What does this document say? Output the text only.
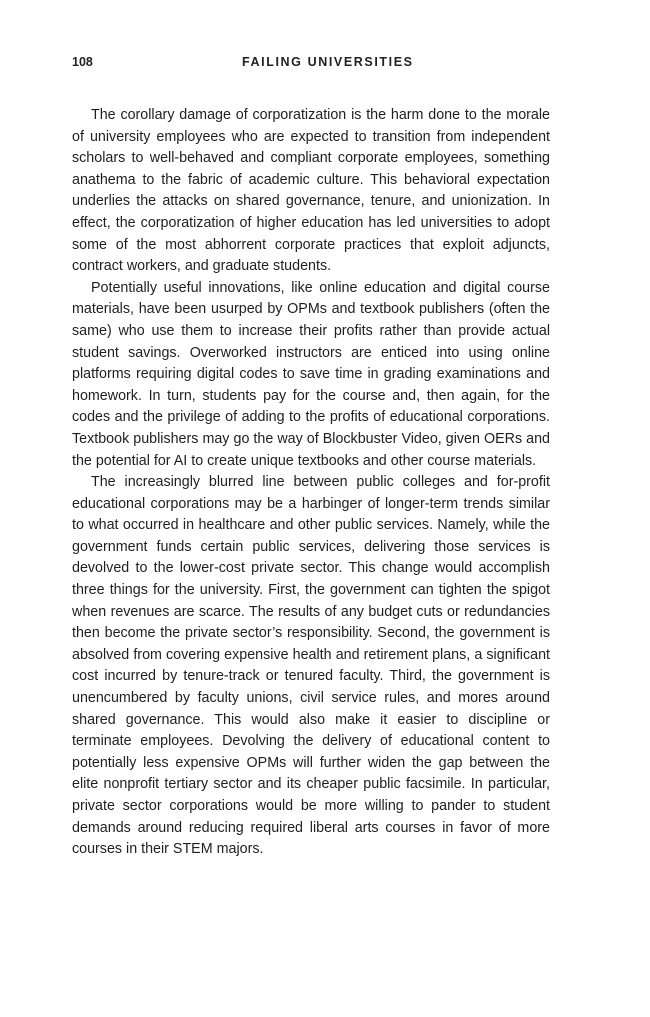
108	FAILING UNIVERSITIES

The corollary damage of corporatization is the harm done to the morale of university employees who are expected to transition from independent scholars to well-behaved and compliant corporate employees, something anathema to the fabric of academic culture. This behavioral expectation underlies the attacks on shared governance, tenure, and unionization. In effect, the corporatization of higher education has led universities to adopt some of the most abhorrent corporate practices that exploit adjuncts, contract workers, and graduate students.

Potentially useful innovations, like online education and digital course materials, have been usurped by OPMs and textbook publishers (often the same) who use them to increase their profits rather than provide actual student savings. Overworked instructors are enticed into using online platforms requiring digital codes to save time in grading examinations and homework. In turn, students pay for the course and, then again, for the codes and the privilege of adding to the profits of educational corporations. Textbook publishers may go the way of Blockbuster Video, given OERs and the potential for AI to create unique textbooks and other course materials.

The increasingly blurred line between public colleges and for-profit educational corporations may be a harbinger of longer-term trends similar to what occurred in healthcare and other public services. Namely, while the government funds certain public services, delivering those services is devolved to the lower-cost private sector. This change would accomplish three things for the university. First, the government can tighten the spigot when revenues are scarce. The results of any budget cuts or redundancies then become the private sector’s responsibility. Second, the government is absolved from covering expensive health and retirement plans, a significant cost incurred by tenure-track or tenured faculty. Third, the government is unencumbered by faculty unions, civil service rules, and mores around shared governance. This would also make it easier to discipline or terminate employees. Devolving the delivery of educational content to potentially less expensive OPMs will further widen the gap between the elite nonprofit tertiary sector and its cheaper public facsimile. In particular, private sector corporations would be more willing to pander to student demands around reducing required liberal arts courses in favor of more courses in their STEM majors.
